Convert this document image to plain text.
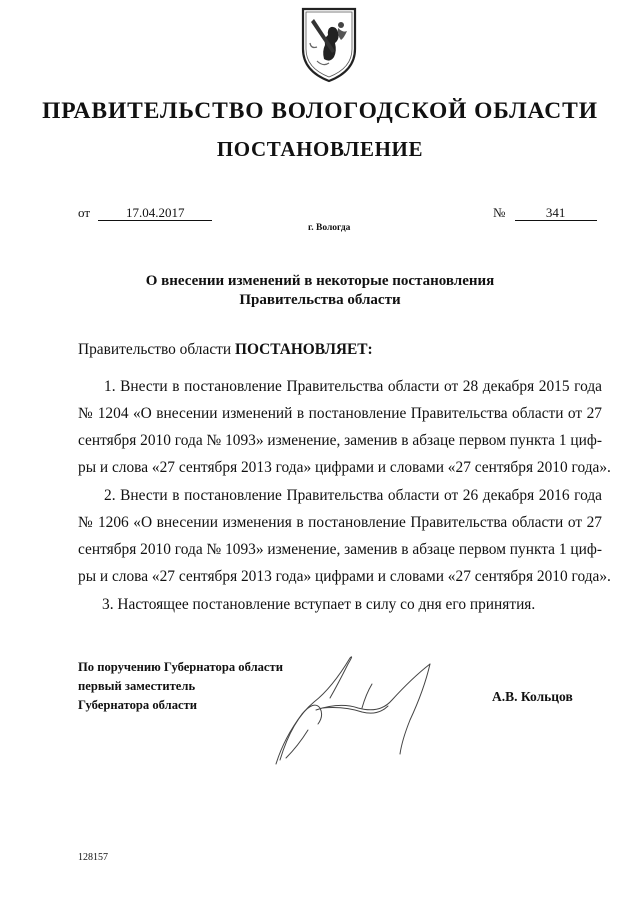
ПРАВИТЕЛЬСТВО ВОЛОГОДСКОЙ ОБЛАСТИ
ПОСТАНОВЛЕНИЕ
от	17.04.2017	№	341
г. Вологда
О внесении изменений в некоторые постановления
Правительства области
Правительство области ПОСТАНОВЛЯЕТ:
1. Внести в постановление Правительства области от 28 декабря 2015 года
№ 1204 «О внесении изменений в постановление Правительства области от 27
сентября 2010 года № 1093» изменение, заменив в абзаце первом пункта 1 циф-
ры и слова «27 сентября 2013 года» цифрами и словами «27 сентября 2010 года».
2. Внести в постановление Правительства области от 26 декабря 2016 года
№ 1206 «О внесении изменения в постановление Правительства области от 27
сентября 2010 года № 1093» изменение, заменив в абзаце первом пункта 1 циф-
ры и слова «27 сентября 2013 года» цифрами и словами «27 сентября 2010 года».
3. Настоящее постановление вступает в силу со дня его принятия.
По поручению Губернатора области
первый заместитель
Губернатора области
А.В. Кольцов
128157
